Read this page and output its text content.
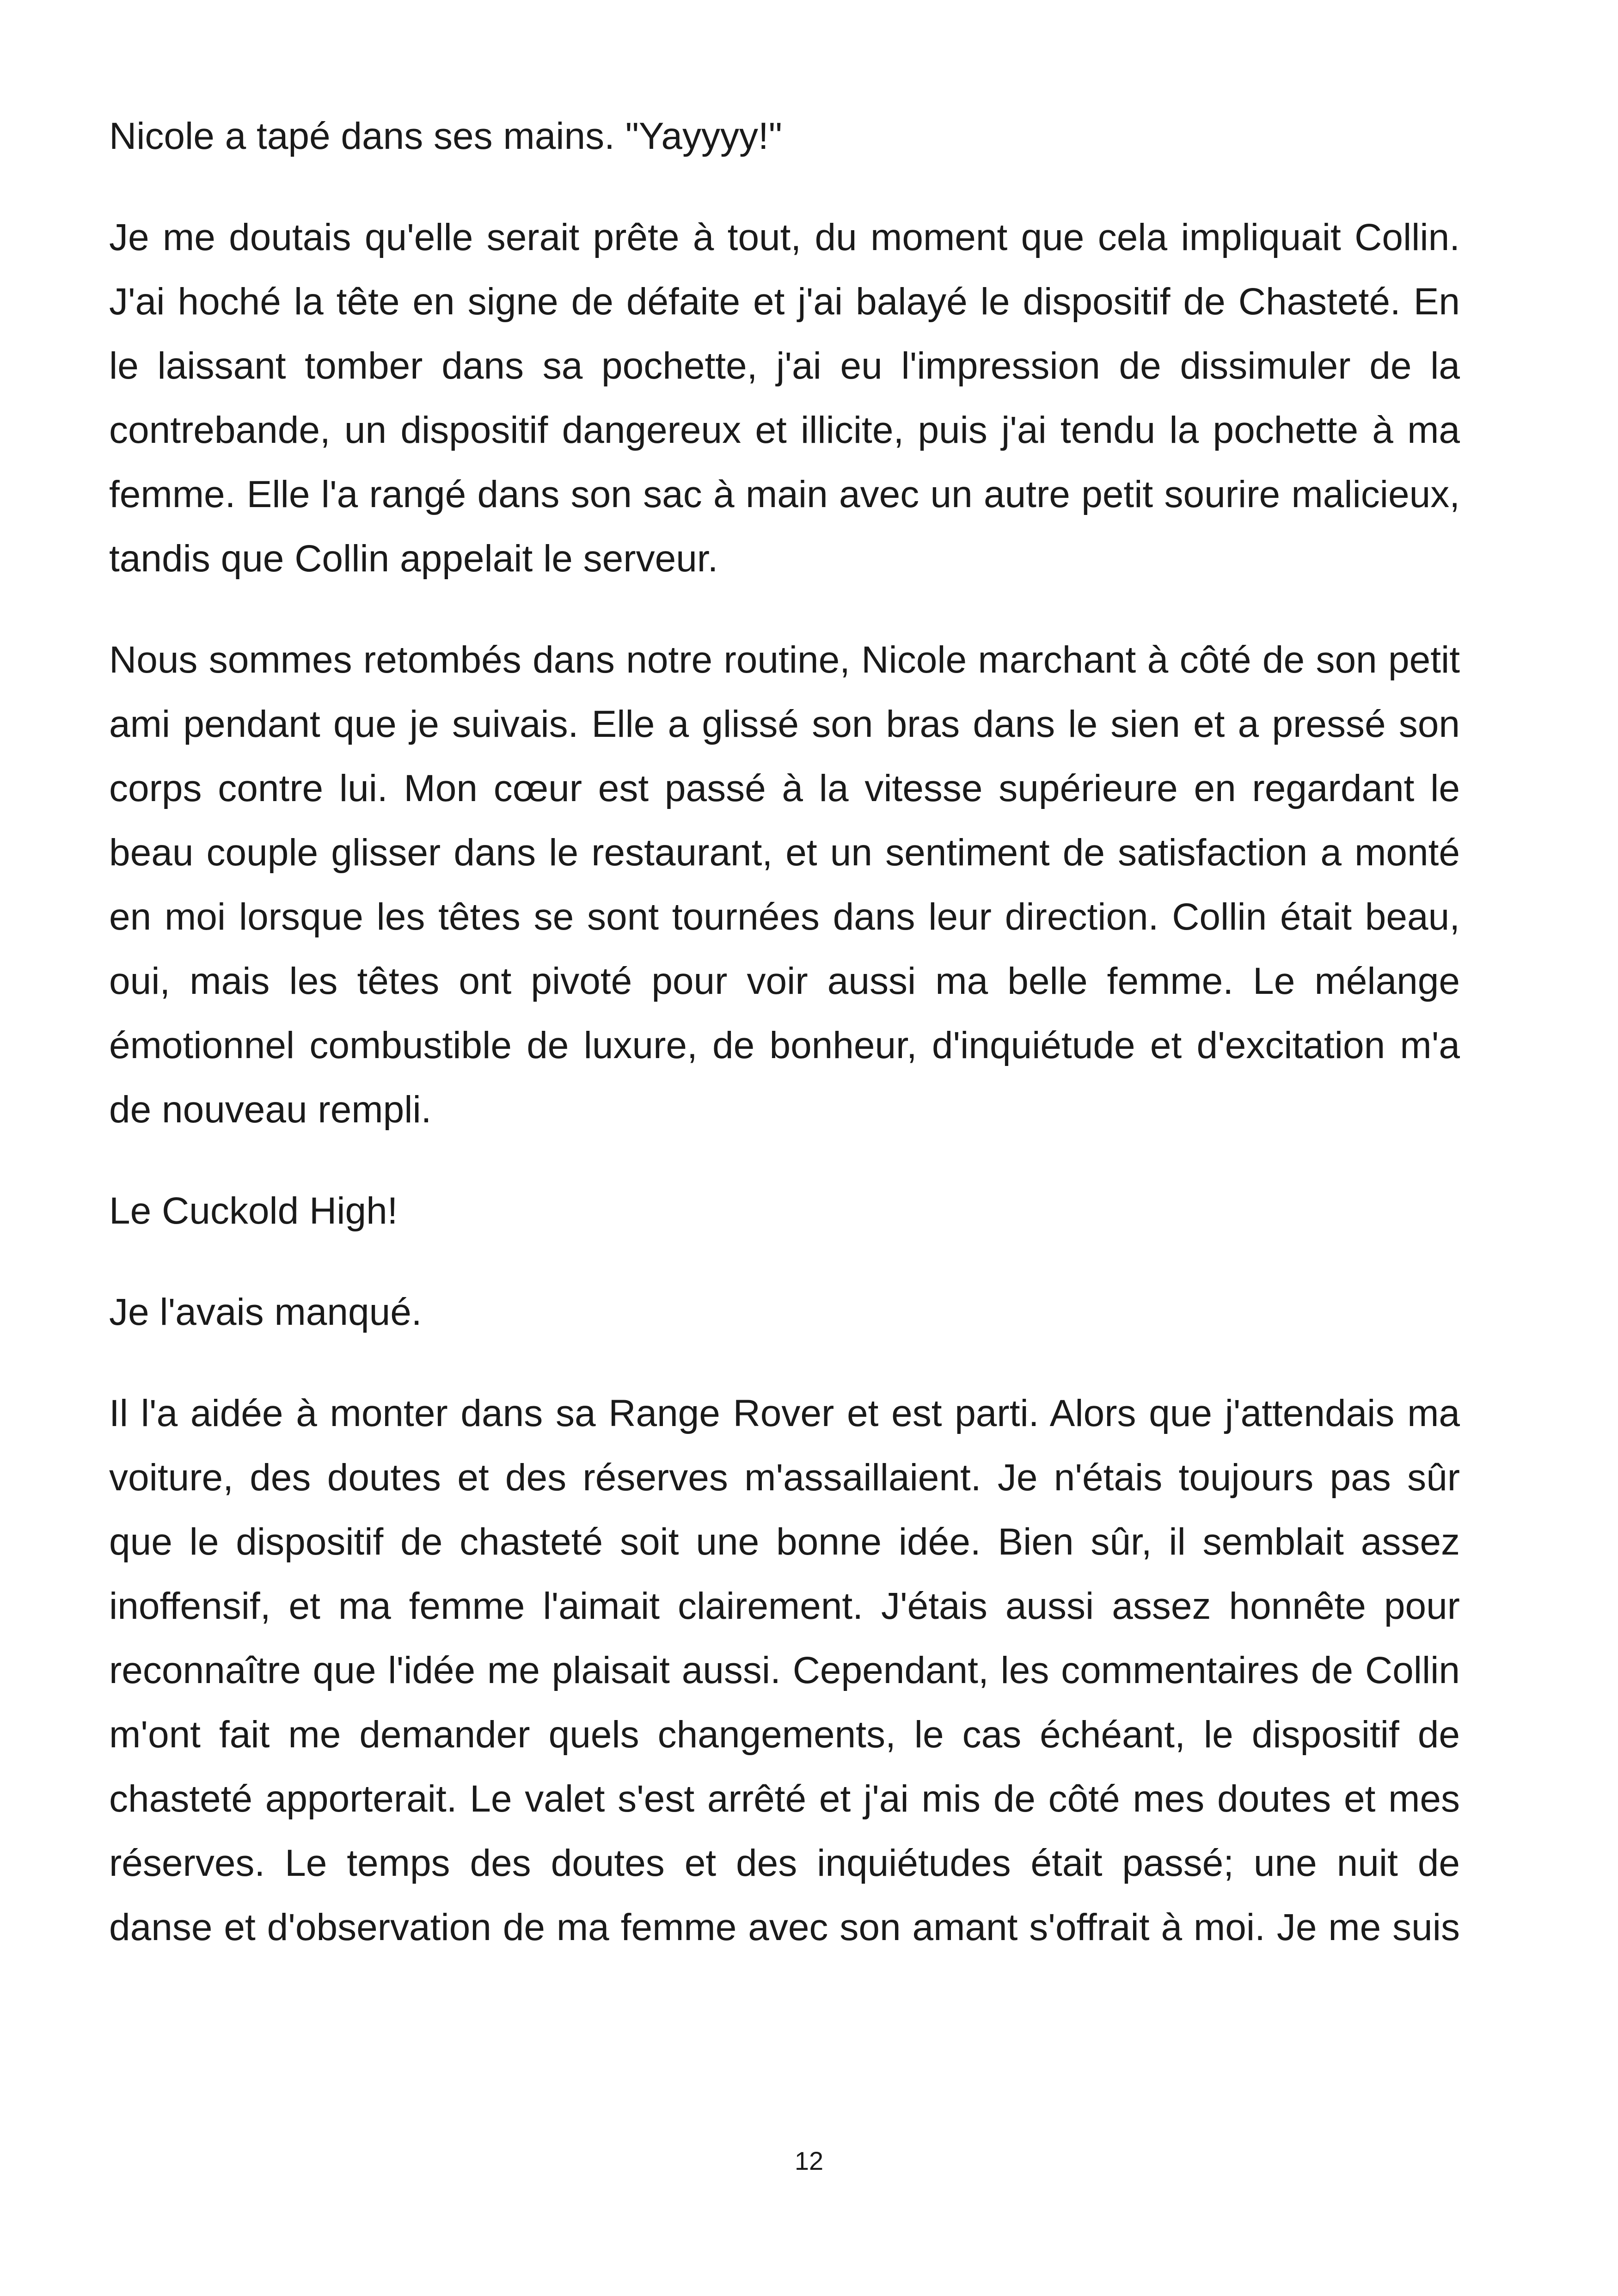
Nicole a tapé dans ses mains. "Yayyyy!"

Je me doutais qu'elle serait prête à tout, du moment que cela impliquait Collin. J'ai hoché la tête en signe de défaite et j'ai balayé le dispositif de Chasteté. En le laissant tomber dans sa pochette, j'ai eu l'impression de dissimuler de la contrebande, un dispositif dangereux et illicite, puis j'ai tendu la pochette à ma femme. Elle l'a rangé dans son sac à main avec un autre petit sourire malicieux, tandis que Collin appelait le serveur.

Nous sommes retombés dans notre routine, Nicole marchant à côté de son petit ami pendant que je suivais. Elle a glissé son bras dans le sien et a pressé son corps contre lui. Mon cœur est passé à la vitesse supérieure en regardant le beau couple glisser dans le restaurant, et un sentiment de satisfaction a monté en moi lorsque les têtes se sont tournées dans leur direction. Collin était beau, oui, mais les têtes ont pivoté pour voir aussi ma belle femme. Le mélange émotionnel combustible de luxure, de bonheur, d'inquiétude et d'excitation m'a de nouveau rempli.

Le Cuckold High!

Je l'avais manqué.

Il l'a aidée à monter dans sa Range Rover et est parti. Alors que j'attendais ma voiture, des doutes et des réserves m'assaillaient. Je n'étais toujours pas sûr que le dispositif de chasteté soit une bonne idée. Bien sûr, il semblait assez inoffensif, et ma femme l'aimait clairement. J'étais aussi assez honnête pour reconnaître que l'idée me plaisait aussi. Cependant, les commentaires de Collin m'ont fait me demander quels changements, le cas échéant, le dispositif de chasteté apporterait. Le valet s'est arrêté et j'ai mis de côté mes doutes et mes réserves. Le temps des doutes et des inquiétudes était passé; une nuit de danse et d'observation de ma femme avec son amant s'offrait à moi. Je me suis

12
